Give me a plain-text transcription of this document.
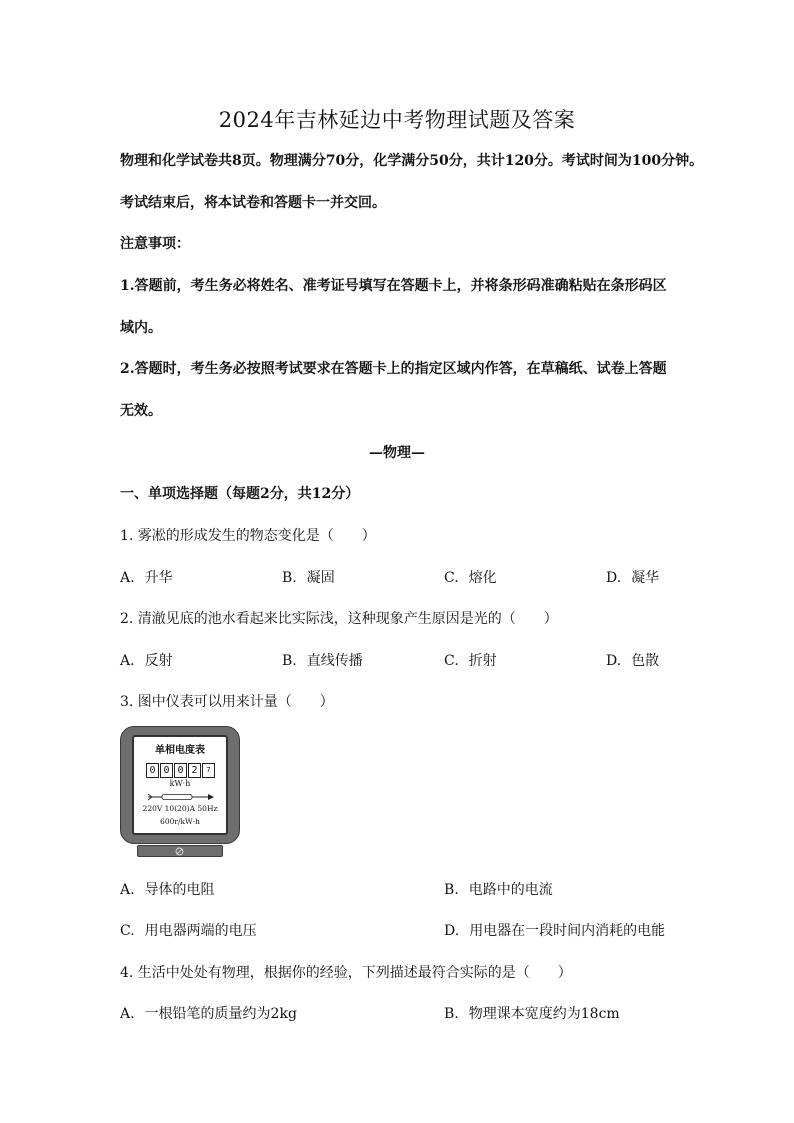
2024年吉林延边中考物理试题及答案
物理和化学试卷共8页。物理满分70分，化学满分50分，共计120分。考试时间为100分钟。
考试结束后，将本试卷和答题卡一并交回。
注意事项：
1.答题前，考生务必将姓名、准考证号填写在答题卡上，并将条形码准确粘贴在条形码区
域内。
2.答题时，考生务必按照考试要求在答题卡上的指定区域内作答，在草稿纸、试卷上答题
无效。
—物理—
一、单项选择题（每题2分，共12分）
1. 雾凇的形成发生的物态变化是（　　）
A. 升华	B. 凝固	C. 熔化	D. 凝华
2. 清澈见底的池水看起来比实际浅，这种现象产生原因是光的（　　）
A. 反射	B. 直线传播	C. 折射	D. 色散
3. 图中仪表可以用来计量（　　）
单相电度表
0 0 0 2	7
kW·h
220V 10(20)A 50Hz
600r/kW·h
A. 导体的电阻	B. 电路中的电流
C. 用电器两端的电压	D. 用电器在一段时间内消耗的电能
4. 生活中处处有物理，根据你的经验，下列描述最符合实际的是（　　）
A. 一根铅笔的质量约为2kg	B. 物理课本宽度约为18cm
